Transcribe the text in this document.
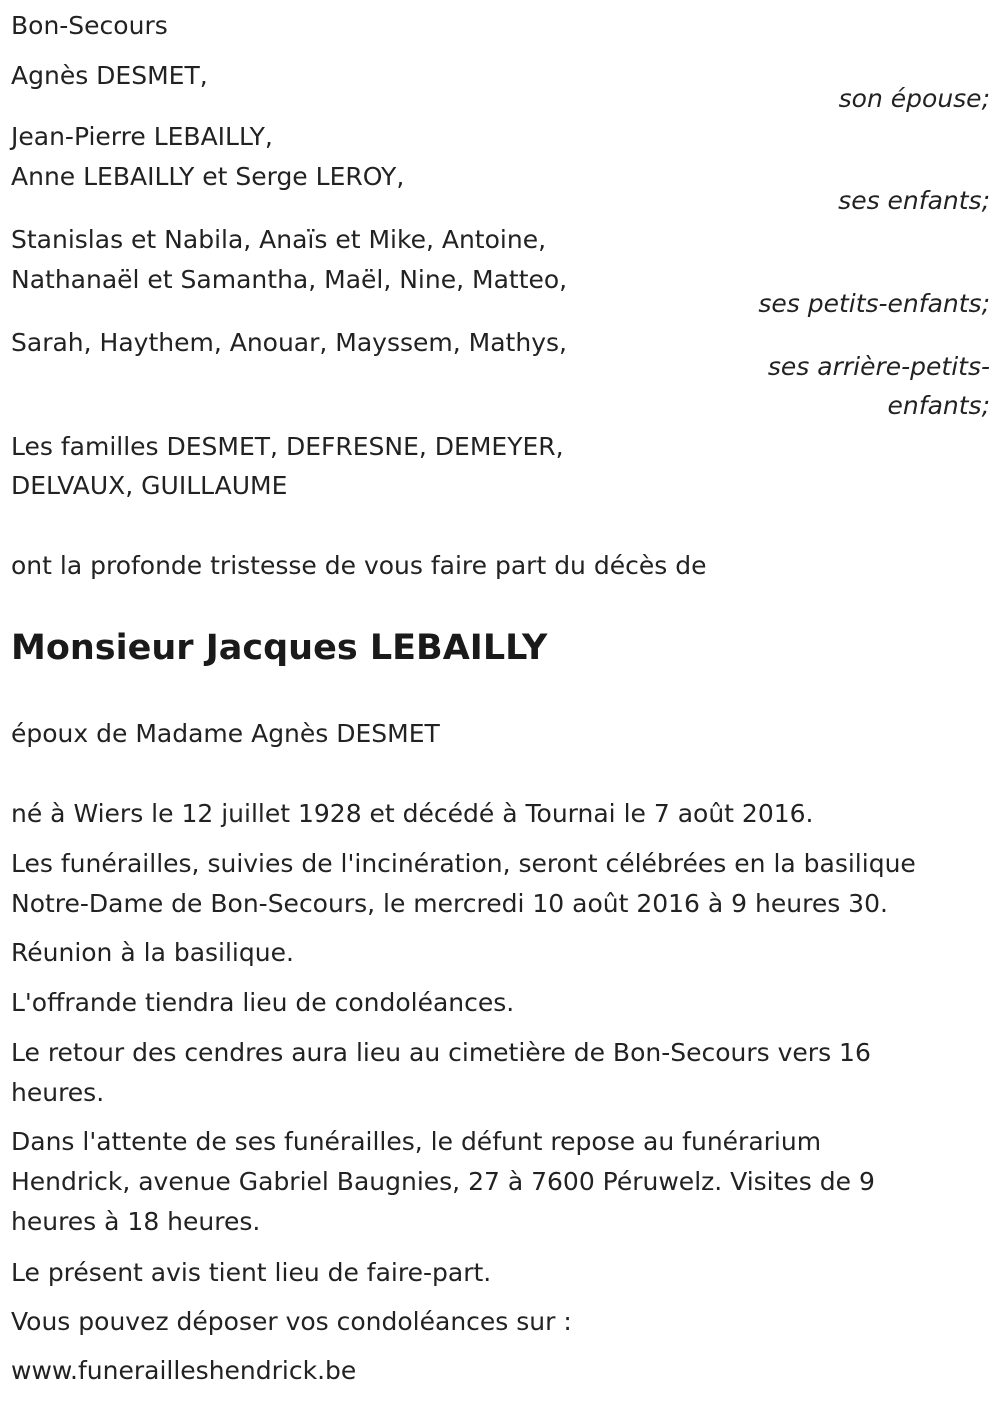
Bon-Secours

Agnès DESMET,

son épouse;

Jean-Pierre LEBAILLY,

Anne LEBAILLY et Serge LEROY,

ses enfants;

Stanislas et Nabila, Anaïs et Mike, Antoine,

Nathanaël et Samantha, Maël, Nine, Matteo,

ses petits-enfants;

Sarah, Haythem, Anouar, Mayssem, Mathys,

ses arrière-petits-

enfants;

Les familles DESMET, DEFRESNE, DEMEYER,

DELVAUX, GUILLAUME

ont la profonde tristesse de vous faire part du décès de

Monsieur Jacques LEBAILLY

époux de Madame Agnès DESMET

né à Wiers le 12 juillet 1928 et décédé à Tournai le 7 août 2016.

Les funérailles, suivies de l'incinération, seront célébrées en la basilique

Notre-Dame de Bon-Secours, le mercredi 10 août 2016 à 9 heures 30.

Réunion à la basilique.

L'offrande tiendra lieu de condoléances.

Le retour des cendres aura lieu au cimetière de Bon-Secours vers 16

heures.

Dans l'attente de ses funérailles, le défunt repose au funérarium

Hendrick, avenue Gabriel Baugnies, 27 à 7600 Péruwelz. Visites de 9

heures à 18 heures.

Le présent avis tient lieu de faire-part.

Vous pouvez déposer vos condoléances sur :

www.funerailleshendrick.be
